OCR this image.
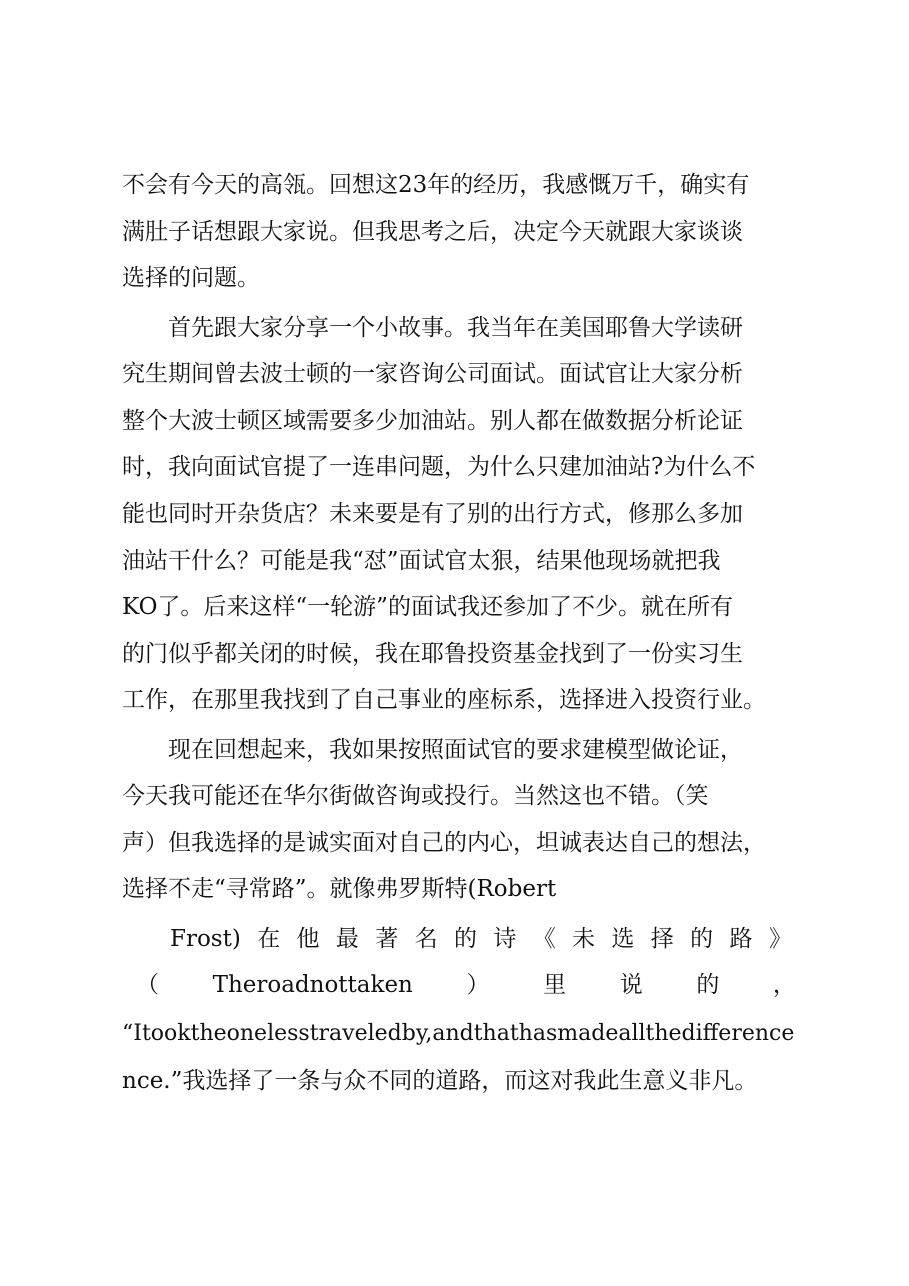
不会有今天的高瓴。回想这23年的经历，我感慨万千，确实有

满肚子话想跟大家说。但我思考之后，决定今天就跟大家谈谈

选择的问题。

　　首先跟大家分享一个小故事。我当年在美国耶鲁大学读研

究生期间曾去波士顿的一家咨询公司面试。面试官让大家分析

整个大波士顿区域需要多少加油站。别人都在做数据分析论证

时，我向面试官提了一连串问题，为什么只建加油站?为什么不

能也同时开杂货店？未来要是有了别的出行方式，修那么多加

油站干什么？可能是我“怼”面试官太狠，结果他现场就把我

KO了。后来这样“一轮游”的面试我还参加了不少。就在所有

的门似乎都关闭的时候，我在耶鲁投资基金找到了一份实习生

工作，在那里我找到了自己事业的座标系，选择进入投资行业。

　　现在回想起来，我如果按照面试官的要求建模型做论证，

今天我可能还在华尔街做咨询或投行。当然这也不错。（笑

声）但我选择的是诚实面对自己的内心，坦诚表达自己的想法，

选择不走“寻常路”。就像弗罗斯特(Robert

Frost) 在 他 最 著 名 的 诗 《 未 选 择 的 路 》

（ Theroadnottaken ） 里 说 的 ，

“Itooktheonelesstraveledby,andthathasmadeallthedifference

nce.”我选择了一条与众不同的道路，而这对我此生意义非凡。
